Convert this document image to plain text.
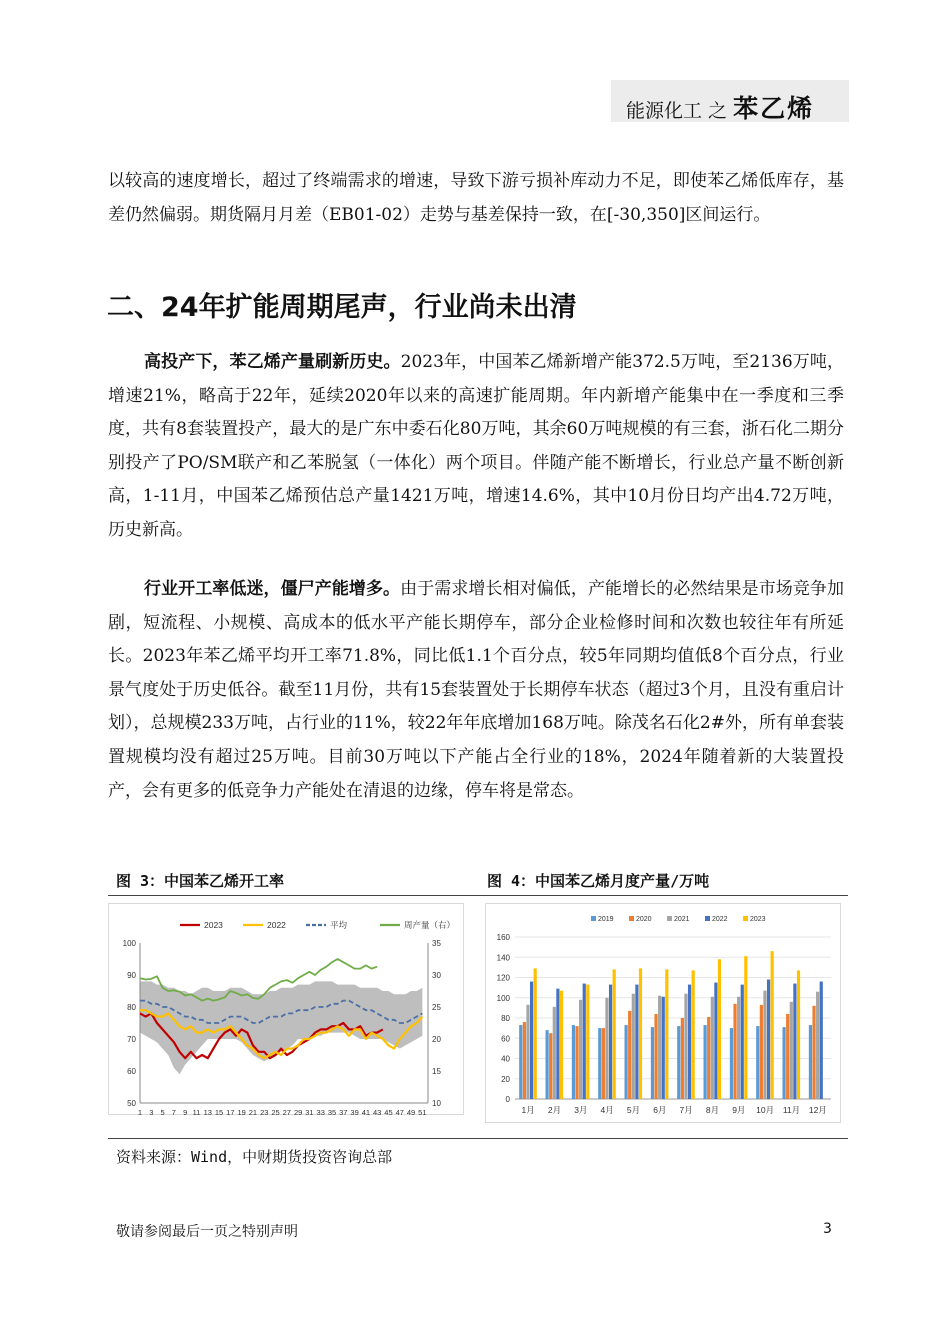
能源化工 之 苯乙烯
以较高的速度增长，超过了终端需求的增速，导致下游亏损补库动力不足，即使苯乙烯低库存，基差仍然偏弱。期货隔月月差（EB01-02）走势与基差保持一致，在[-30,350]区间运行。
二、24年扩能周期尾声，行业尚未出清
高投产下，苯乙烯产量刷新历史。2023年，中国苯乙烯新增产能372.5万吨，至2136万吨，增速21%，略高于22年，延续2020年以来的高速扩能周期。年内新增产能集中在一季度和三季度，共有8套装置投产，最大的是广东中委石化80万吨，其余60万吨规模的有三套，浙石化二期分别投产了PO/SM联产和乙苯脱氢（一体化）两个项目。伴随产能不断增长，行业总产量不断创新高，1-11月，中国苯乙烯预估总产量1421万吨，增速14.6%，其中10月份日均产出4.72万吨，历史新高。
行业开工率低迷，僵尸产能增多。由于需求增长相对偏低，产能增长的必然结果是市场竞争加剧，短流程、小规模、高成本的低水平产能长期停车，部分企业检修时间和次数也较往年有所延长。2023年苯乙烯平均开工率71.8%，同比低1.1个百分点，较5年同期均值低8个百分点，行业景气度处于历史低谷。截至11月份，共有15套装置处于长期停车状态（超过3个月，且没有重启计划），总规模233万吨，占行业的11%，较22年年底增加168万吨。除茂名石化2#外，所有单套装置规模均没有超过25万吨。目前30万吨以下产能占全行业的18%，2024年随着新的大装置投产，会有更多的低竞争力产能处在清退的边缘，停车将是常态。
图 3：中国苯乙烯开工率	图 4：中国苯乙烯月度产量/万吨
50
60
70
80
90
100
10
15
20
25
30
35
1 3 5 7 9 11 13 15 17 19 21 23 25 27 29 31 33 35 37 39 41 43 45 47 49 51
2023	2022	平均	周产量（右）
0
20
40
60
80
100
120
140
160
1月 2月 3月 4月 5月 6月 7月 8月 9月 10月 11月 12月
2019	2020	2021	2022	2023
资料来源：Wind，中财期货投资咨询总部
敬请参阅最后一页之特别声明	3
